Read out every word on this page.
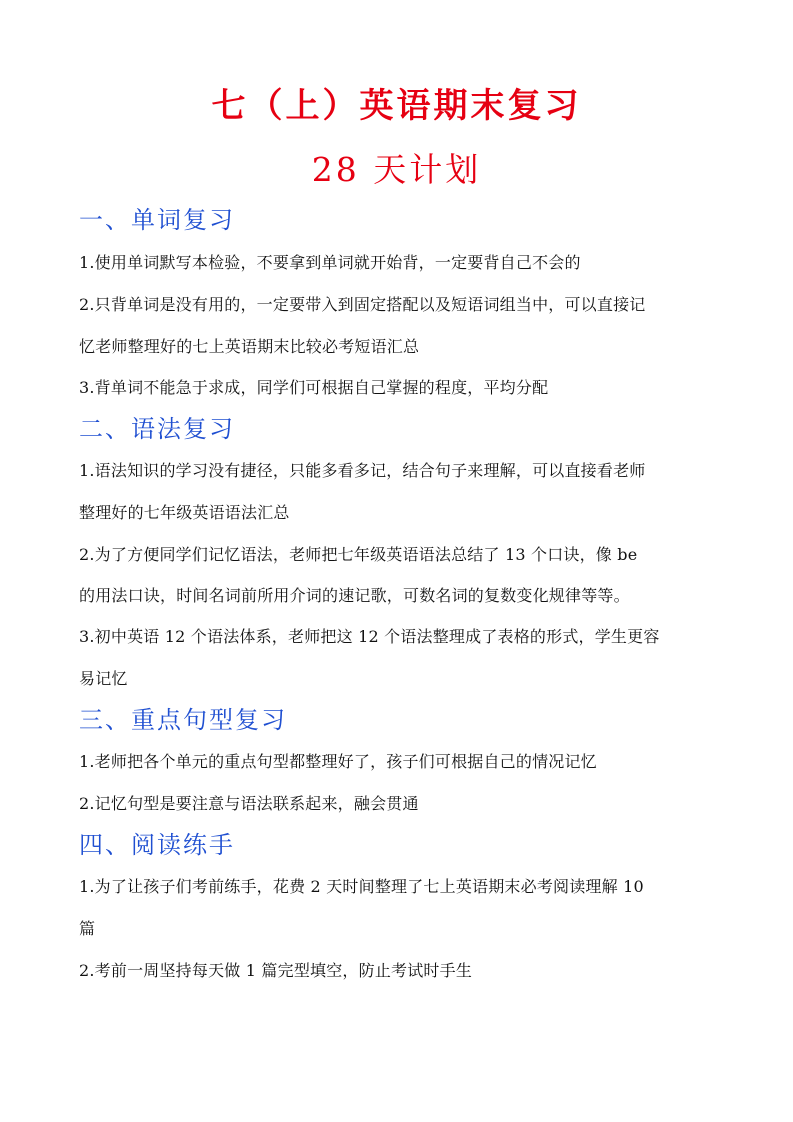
七（上）英语期末复习
28 天计划
一、单词复习
1.使用单词默写本检验，不要拿到单词就开始背，一定要背自己不会的
2.只背单词是没有用的，一定要带入到固定搭配以及短语词组当中，可以直接记
忆老师整理好的七上英语期末比较必考短语汇总
3.背单词不能急于求成，同学们可根据自己掌握的程度，平均分配
二、语法复习
1.语法知识的学习没有捷径，只能多看多记，结合句子来理解，可以直接看老师
整理好的七年级英语语法汇总
2.为了方便同学们记忆语法，老师把七年级英语语法总结了 13 个口诀，像 be
的用法口诀，时间名词前所用介词的速记歌，可数名词的复数变化规律等等。
3.初中英语 12 个语法体系，老师把这 12 个语法整理成了表格的形式，学生更容
易记忆
三、重点句型复习
1.老师把各个单元的重点句型都整理好了，孩子们可根据自己的情况记忆
2.记忆句型是要注意与语法联系起来，融会贯通
四、阅读练手
1.为了让孩子们考前练手，花费 2 天时间整理了七上英语期末必考阅读理解 10
篇
2.考前一周坚持每天做 1 篇完型填空，防止考试时手生
